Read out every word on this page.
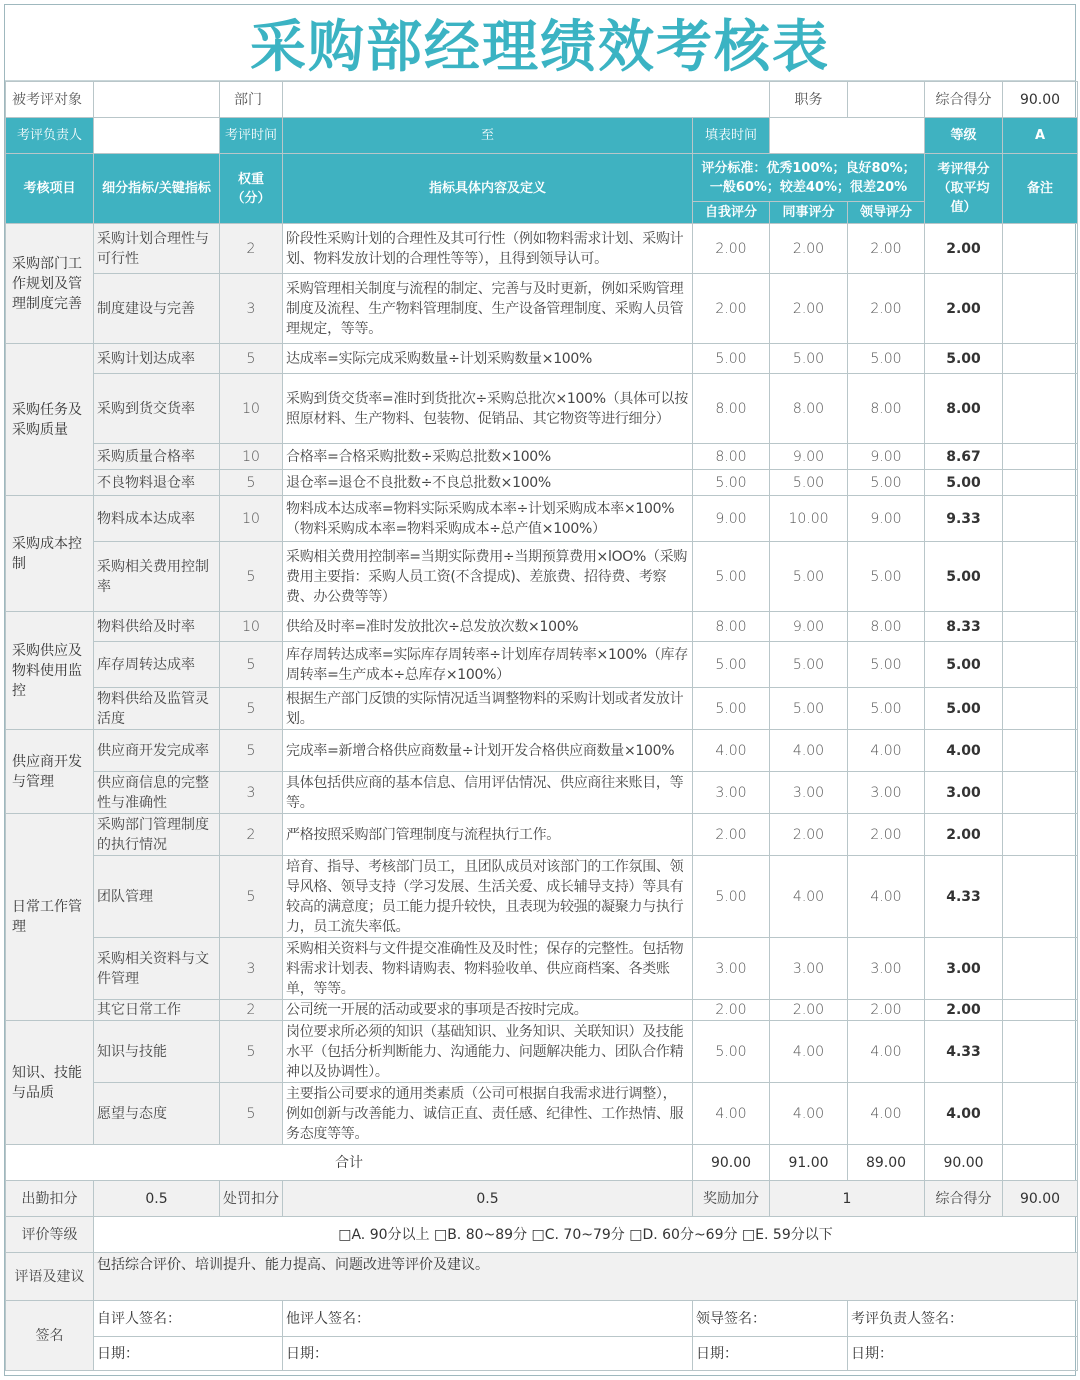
采购部经理绩效考核表
被考评对象		部门			职务		综合得分	90.00
考评负责人		考评时间	至	填表时间			等级	A
考核项目	细分指标/关键指标	权重（分）	指标具体内容及定义	评分标准：优秀100%；良好80%；一般60%；较差40%；很差20%			考评得分（取平均值）	备注
				自我评分	同事评分	领导评分		
采购部门工作规划及管理制度完善	采购计划合理性与可行性	2	阶段性采购计划的合理性及其可行性（例如物料需求计划、采购计划、物料发放计划的合理性等等），且得到领导认可。	2.00	2.00	2.00	2.00	
	制度建设与完善	3	采购管理相关制度与流程的制定、完善与及时更新，例如采购管理制度及流程、生产物料管理制度、生产设备管理制度、采购人员管理规定，等等。	2.00	2.00	2.00	2.00	
采购任务及采购质量	采购计划达成率	5	达成率=实际完成采购数量÷计划采购数量×100%	5.00	5.00	5.00	5.00	
	采购到货交货率	10	采购到货交货率=准时到货批次÷采购总批次×100%（具体可以按照原材料、生产物料、包装物、促销品、其它物资等进行细分）	8.00	8.00	8.00	8.00	
	采购质量合格率	10	合格率=合格采购批数÷采购总批数×100%	8.00	9.00	9.00	8.67	
	不良物料退仓率	5	退仓率=退仓不良批数÷不良总批数×100%	5.00	5.00	5.00	5.00	
采购成本控制	物料成本达成率	10	物料成本达成率=物料实际采购成本率÷计划采购成本率×100%（物料采购成本率=物料采购成本÷总产值×100%）	9.00	10.00	9.00	9.33	
	采购相关费用控制率	5	采购相关费用控制率=当期实际费用÷当期预算费用×lOO%（采购费用主要指：采购人员工资(不含提成)、差旅费、招待费、考察费、办公费等等）	5.00	5.00	5.00	5.00	
采购供应及物料使用监控	物料供给及时率	10	供给及时率=准时发放批次÷总发放次数×100%	8.00	9.00	8.00	8.33	
	库存周转达成率	5	库存周转达成率=实际库存周转率÷计划库存周转率×100%（库存周转率=生产成本÷总库存×100%）	5.00	5.00	5.00	5.00	
	物料供给及监管灵活度	5	根据生产部门反馈的实际情况适当调整物料的采购计划或者发放计划。	5.00	5.00	5.00	5.00	
供应商开发与管理	供应商开发完成率	5	完成率=新增合格供应商数量÷计划开发合格供应商数量×100%	4.00	4.00	4.00	4.00	
	供应商信息的完整性与准确性	3	具体包括供应商的基本信息、信用评估情况、供应商往来账目，等等。	3.00	3.00	3.00	3.00	
日常工作管理	采购部门管理制度的执行情况	2	严格按照采购部门管理制度与流程执行工作。	2.00	2.00	2.00	2.00	
	团队管理	5	培育、指导、考核部门员工，且团队成员对该部门的工作氛围、领导风格、领导支持（学习发展、生活关爱、成长辅导支持）等具有较高的满意度；员工能力提升较快，且表现为较强的凝聚力与执行力，员工流失率低。	5.00	4.00	4.00	4.33	
	采购相关资料与文件管理	3	采购相关资料与文件提交准确性及及时性；保存的完整性。包括物料需求计划表、物料请购表、物料验收单、供应商档案、各类账单，等等。	3.00	3.00	3.00	3.00	
	其它日常工作	2	公司统一开展的活动或要求的事项是否按时完成。	2.00	2.00	2.00	2.00	
知识、技能与品质	知识与技能	5	岗位要求所必须的知识（基础知识、业务知识、关联知识）及技能水平（包括分析判断能力、沟通能力、问题解决能力、团队合作精神以及协调性）。	5.00	4.00	4.00	4.33	
	愿望与态度	5	主要指公司要求的通用类素质（公司可根据自我需求进行调整），例如创新与改善能力、诚信正直、责任感、纪律性、工作热情、服务态度等等。	4.00	4.00	4.00	4.00	
合计				90.00	91.00	89.00	90.00	
出勤扣分	0.5	处罚扣分	0.5	奖励加分	1		综合得分	90.00
评价等级	□A. 90分以上 □B. 80~89分 □C. 70~79分 □D. 60分~69分 □E. 59分以下							
评语及建议	包括综合评价、培训提升、能力提高、问题改进等评价及建议。							
签名	自评人签名：		他评人签名：	领导签名：		考评负责人签名：		
	日期：		日期：	日期：		日期：		
